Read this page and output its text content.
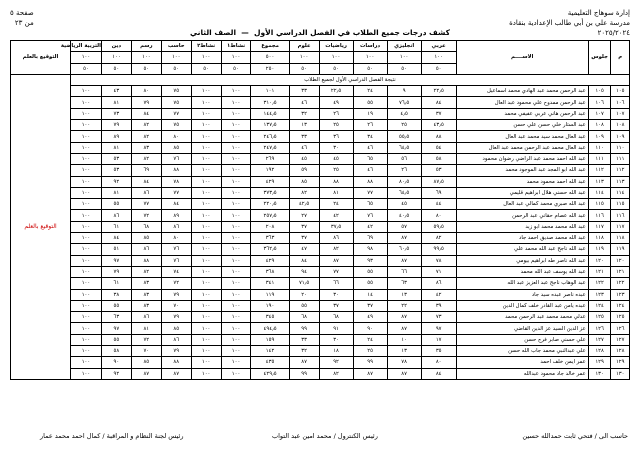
إدارة سوهاج التعليمية
مدرسة علي بن أبي طالب الإعدادية بنقادة
٢٠٢٥/٢٠٢٤
كشف درجات جميع الطلاب في الفصل الدراسي الأول  —  الصف الثاني
صفحة ٥
من ٢٣
م	جلوس	الاســــم	عربي	انجليزي	دراسات	رياضيات	علوم	مجموع	نشاط١	نشاط٢	حاسب	رسم	دين	التربية الرياضية	التوقيع بالعلم
			١٠٠	١٠٠	١٠٠	١٠٠	١٠٠	٥٠٠	١٠٠	١٠٠	١٠٠	١٠٠	١٠٠	١٠٠	
			٥٠	٥٠	٥٠	٥٠	٥٠	٢٥٠	٥٠	٥٠	٥٠	٥٠	٥٠	٥٠	
نتيجة الفصل الدراسي الأول لجميع الطلاب															التوقيع بالعلم
١٠٥	١٠٥	عبد الرحمن محمد عبد الهادي محمد اسماعيل	٢٢٫٥	٩	٢٤	٢٢٫٥	٣٣	١٠١	١٠٠	١٠٠	٧٥	٨٠	٤٣	١٠٠	
١٠٦	١٠٦	عبد الرحمن ممدوح علي محمود عبد العال	٨٤	٧٦٫٥	٥٥	٤٩	٤٦	٣١٠٫٥	١٠٠	١٠٠	٧٥	٧٩	٨١	١٠٠	
١٠٧	١٠٧	عبد الرحمن هاني عربي عفيفي محمد	٣٧	٤٫٥	١٩	٢٦	٣٢	١٤٤٫٥	١٠٠	١٠٠	٧٧	٨٤	٧٣	١٠٠	
١٠٨	١٠٨	عبد الستار خلي حسن علي حسن	٤٣٫٥	٢٥	٢٦	٢٥	١٣	١٣٧٫٥	١٠٠	١٠٠	٧٥	٨٢	٧٩	١٠٠	
١٠٩	١٠٩	عبد العال محمد سيد محمد عبد العال	٨٨	٥٥٫٥	٣٤	٣٦	٣٣	٢٤٦٫٥	١٠٠	١٠٠	٨٠	٨٢	٨٩	١٠٠	
١١٠	١١٠	عبد العال محمد عبد الرحمن محمد عبد العال	٥٤	٦٤٫٥	٤٦	٣٠	٤٦	٢٤٧٫٥	١٠٠	١٠٠	٨٥	٨٣	٨١	١٠٠	
١١١	١١١	عبد الله احمد محمد عبد الراضي رضوان محمود	٥٨	٥٦	٦٥	٤٥	٤٥	٢٦٩	١٠٠	١٠٠	٧٦	٨٢	٥٣	١٠٠	
١١٢	١١٢	عبد الله ابو المجد عبد الموجود محمد	٥٣	٢٦	٤٦	٢٥	٥٩	١٩٢	١٠٠	١٠٠	٨٨	٦٩	٥٣	١٠٠	
١١٣	١١٣	عبد الله احمد محمود محمد	٨٧٫٥	٨٠٫٥	٨٨	٨٨	٨٥	٤٢٩	١٠٠	١٠٠	٧٨	٨٤	٩٢	١٠٠	
١١٤	١١٤	عبد الله حسني هلال ابراهيم قليمي	٦٩	٦٤٫٥	٧٧	٨١	٨٢	٣٧٣٫٥	١٠٠	١٠٠	٧٧	٨٦	٨١	١٠٠	
١١٥	١١٥	عبد الله صبري محمد كمالي عبد العال	٤٤	٤٥	٦٥	٢٤	٤٢٫٥	٢٢٠٫٥	١٠٠	١٠٠	٨٤	٧٧	٥٥	١٠٠	
١١٦	١١٦	عبد الله عصام حقاني عبد الرحمن	٨٠	٤٠٫٥	٧٦	٤٢	٢٧	٢٥٧٫٥	١٠٠	١٠٠	٨٩	٧٢	٨٦	١٠٠	
١١٧	١١٧	عبد الله محمد محمد ابو زيد	٥٩٫٥	٥٧	٤٢	٣٧٫٥	٣٧	٢٠٨	١٠٠	١٠٠	٨٦	٦٨	٦١	١٠٠	
١١٨	١١٨	عبد الله محمد صديق احمد جاد	٨٢	٨٧	٦٩	٨٦	٣٧	٣٦٣	١٠٠	١٠٠	٨٠	٨٥	٨٤	١٠٠	
١١٩	١١٩	عبد الله ناجح عبد الله محمد علي	٩٩٫٥	٦٠٫٥	٩٨	٨٢	٤٧	٣٦٢٫٥	١٠٠	١٠٠	٧٦	٨٦	٥١	١٠٠	
١٢٠	١٢٠	عبد الله ناصر طه ابراهيم بيومي	٧٨	٨٧	٩٣	٨٧	٨٤	٤٢٩	١٠٠	١٠٠	٧٦	٨٨	٩٧	١٠٠	
١٢١	١٢١	عبد الله يوسف عبد الله محمد	٧١	٦٦	٥٥	٧٧	٩٤	٣٦٨	١٠٠	١٠٠	٧٤	٨٢	٧٩	١٠٠	
١٢٢	١٢٢	عبد الوهاب ناجح عبد العزيز عبد الله	٨٦	٦٣	٥٥	٦٦	٧١٫٥	٣٤١	١٠٠	١٠٠	٧٢	٨٣	٦١	١٠٠	
١٢٣	١٢٣	عبده ناصر عبده سيد جاد	٤٢	١٣	١٤	٣٠	٢٠	١١٩	١٠٠	١٠٠	٧٩	٨٣	٣٨	١٠٠	
١٢٤	١٢٤	عبده يامن عبد القادر خلف كمال الدين	٣٩	٢٢	٣٧	٣٧	٥٥	١٩٠	١٠٠	١٠٠	٧٠	٨٣	٥٥	١٠٠	
١٢٥	١٢٥	عدلي محمد محمد عبد الرحمن محمد	٧٣	٨٧	٤٩	٦٨	٦٨	٣٤٥	١٠٠	١٠٠	٧٩	٨٦	٦٣	١٠٠	
١٢٦	١٢٦	عز الدين السيد عز الدين القاضي	٩٧	٨٧	٩٠	٩١	٩٩	٤٩٤٫٥	١٠٠	١٠٠	٨٥	٨١	٩٧	١٠٠	
١٢٧	١٢٧	علي حسني صابر فرج حسن	١٧	١٠	٢٤	٣٠	٣٣	١٥٩	١٠٠	١٠٠	٨٦	٧٢	٥٥	١٠٠	
١٢٨	١٢٨	علي عبدالنبي محمد جاب الله حسن	٣٥	١٣	٢٥	١٨	٣٢	١٤٢	١٠٠	١٠٠	٧٩	٧٠	٥٨	١٠٠	
١٢٩	١٢٩	عمر ايمن خلف احمد	٨٠	٧٨	٩٩	٩٢	٨٧	٤٣٥	١٠٠	١٠٠	٨٨	٨٥	٩٠	١٠٠	
١٣٠	١٣٠	عمر خالد جاد محمود عبدالله	٨٤	٨٧	٨٧	٨٢	٩٩	٤٢٩٫٥	١٠٠	١٠٠	٨٧	٨٧	٩٢	١٠٠	
حاسب الى / فتحي ثابت حمدالله حسين
رئيس الكنترول / محمد امين عبد التواب
رئيس لجنة النظام و المراقبة / كمال احمد محمد عمار
